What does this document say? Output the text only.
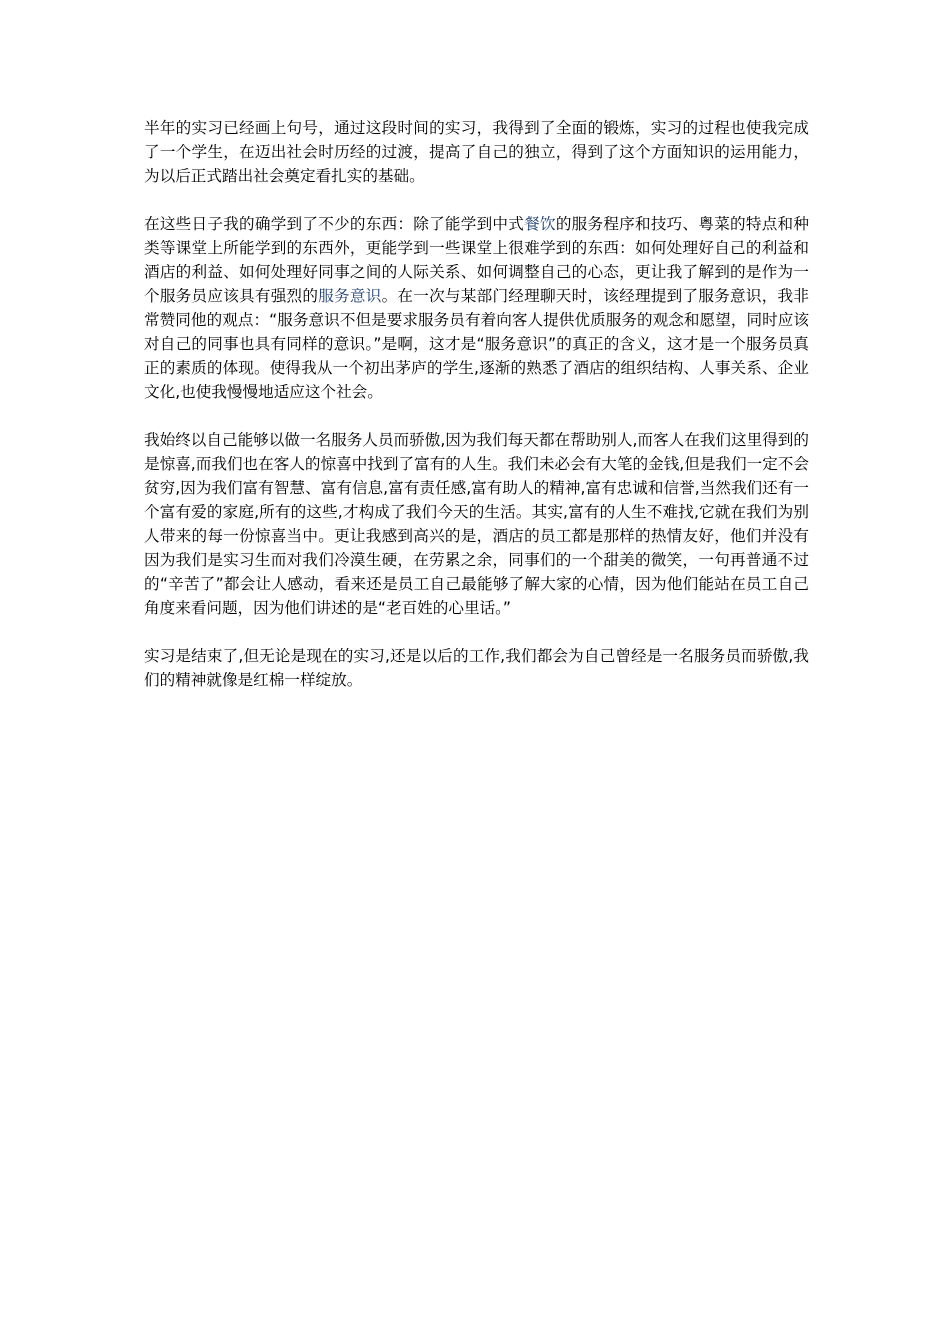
半年的实习已经画上句号，通过这段时间的实习，我得到了全面的锻炼，实习的过程也使我完成了一个学生，在迈出社会时历经的过渡，提高了自己的独立，得到了这个方面知识的运用能力，为以后正式踏出社会奠定看扎实的基础。

在这些日子我的确学到了不少的东西：除了能学到中式餐饮的服务程序和技巧、粤菜的特点和种类等课堂上所能学到的东西外，更能学到一些课堂上很难学到的东西：如何处理好自己的利益和酒店的利益、如何处理好同事之间的人际关系、如何调整自己的心态，更让我了解到的是作为一个服务员应该具有强烈的服务意识。在一次与某部门经理聊天时，该经理提到了服务意识，我非常赞同他的观点：“服务意识不但是要求服务员有着向客人提供优质服务的观念和愿望，同时应该对自己的同事也具有同样的意识。”是啊，这才是“服务意识”的真正的含义，这才是一个服务员真正的素质的体现。使得我从一个初出茅庐的学生,逐渐的熟悉了酒店的组织结构、人事关系、企业文化,也使我慢慢地适应这个社会。

我始终以自己能够以做一名服务人员而骄傲,因为我们每天都在帮助别人,而客人在我们这里得到的是惊喜,而我们也在客人的惊喜中找到了富有的人生。我们未必会有大笔的金钱,但是我们一定不会贫穷,因为我们富有智慧、富有信息,富有责任感,富有助人的精神,富有忠诚和信誉,当然我们还有一个富有爱的家庭,所有的这些,才构成了我们今天的生活。其实,富有的人生不难找,它就在我们为别人带来的每一份惊喜当中。更让我感到高兴的是，酒店的员工都是那样的热情友好，他们并没有因为我们是实习生而对我们冷漠生硬，在劳累之余，同事们的一个甜美的微笑，一句再普通不过的“辛苦了”都会让人感动，看来还是员工自己最能够了解大家的心情，因为他们能站在员工自己角度来看问题，因为他们讲述的是“老百姓的心里话。”

实习是结束了,但无论是现在的实习,还是以后的工作,我们都会为自己曾经是一名服务员而骄傲,我们的精神就像是红棉一样绽放。
